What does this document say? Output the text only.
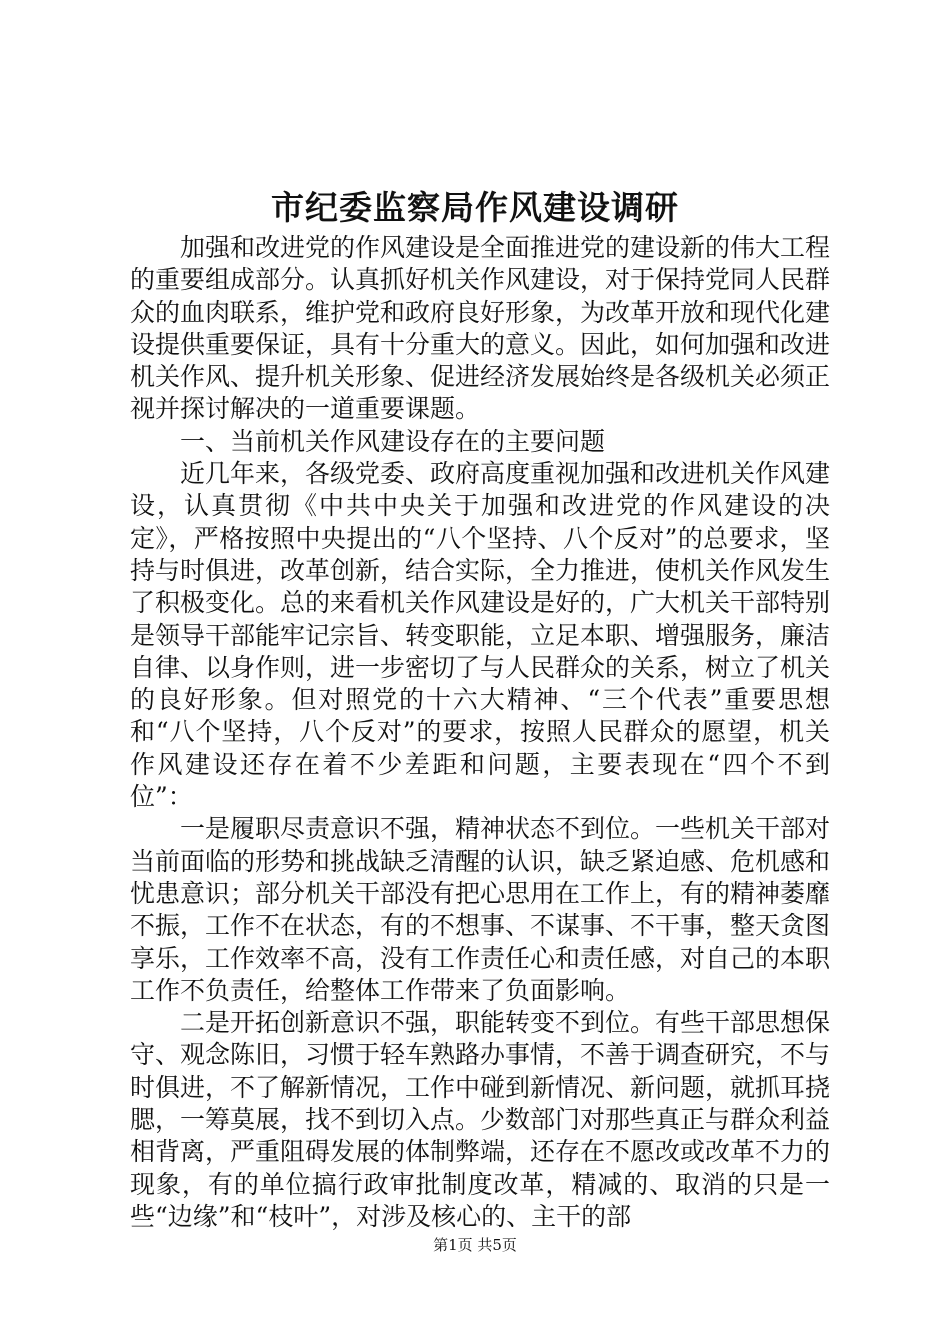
市纪委监察局作风建设调研

加强和改进党的作风建设是全面推进党的建设新的伟大工程的重要组成部分。认真抓好机关作风建设，对于保持党同人民群众的血肉联系，维护党和政府良好形象，为改革开放和现代化建设提供重要保证，具有十分重大的意义。因此，如何加强和改进机关作风、提升机关形象、促进经济发展始终是各级机关必须正视并探讨解决的一道重要课题。

一、当前机关作风建设存在的主要问题

近几年来，各级党委、政府高度重视加强和改进机关作风建设，认真贯彻《中共中央关于加强和改进党的作风建设的决定》，严格按照中央提出的“八个坚持、八个反对”的总要求，坚持与时俱进，改革创新，结合实际，全力推进，使机关作风发生了积极变化。总的来看机关作风建设是好的，广大机关干部特别是领导干部能牢记宗旨、转变职能，立足本职、增强服务，廉洁自律、以身作则，进一步密切了与人民群众的关系，树立了机关的良好形象。但对照党的十六大精神、“三个代表”重要思想和“八个坚持，八个反对”的要求，按照人民群众的愿望，机关作风建设还存在着不少差距和问题，主要表现在“四个不到位”：

一是履职尽责意识不强，精神状态不到位。一些机关干部对当前面临的形势和挑战缺乏清醒的认识，缺乏紧迫感、危机感和忧患意识；部分机关干部没有把心思用在工作上，有的精神萎靡不振，工作不在状态，有的不想事、不谋事、不干事，整天贪图享乐，工作效率不高，没有工作责任心和责任感，对自己的本职工作不负责任，给整体工作带来了负面影响。

二是开拓创新意识不强，职能转变不到位。有些干部思想保守、观念陈旧，习惯于轻车熟路办事情，不善于调查研究，不与时俱进，不了解新情况，工作中碰到新情况、新问题，就抓耳挠腮，一筹莫展，找不到切入点。少数部门对那些真正与群众利益相背离，严重阻碍发展的体制弊端，还存在不愿改或改革不力的现象，有的单位搞行政审批制度改革，精减的、取消的只是一些“边缘”和“枝叶”，对涉及核心的、主干的部

第1页 共5页
